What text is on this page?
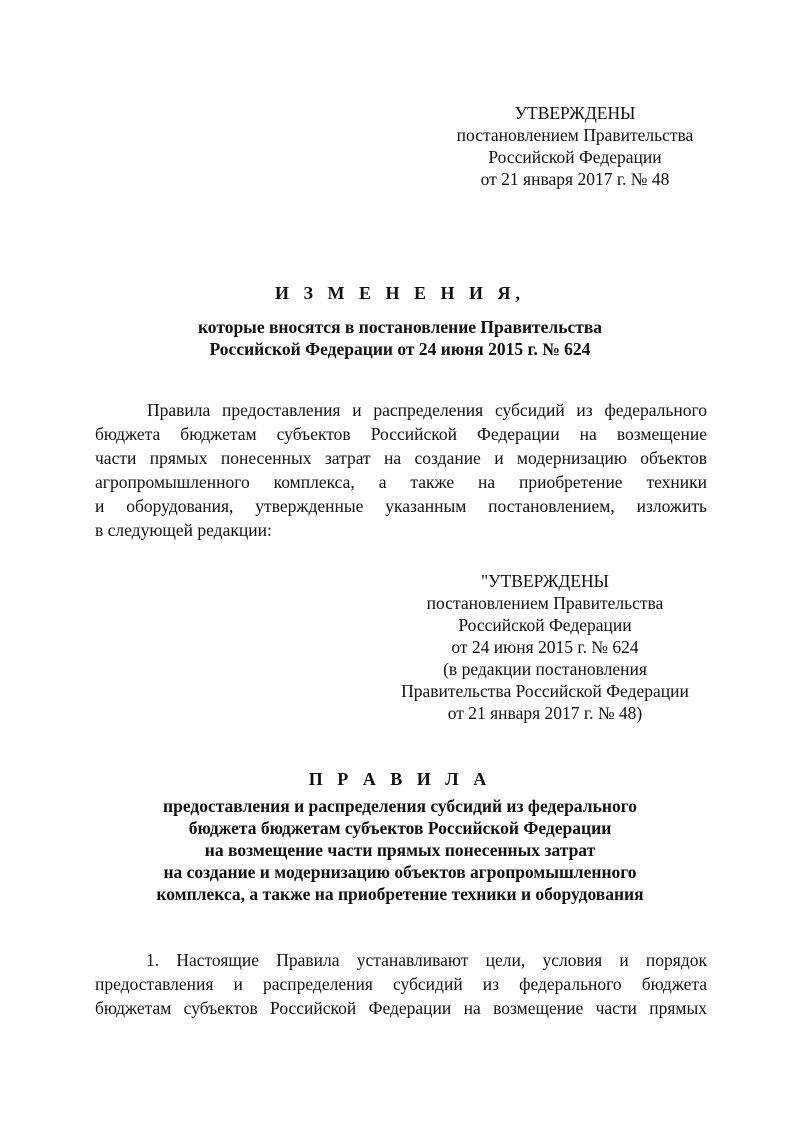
УТВЕРЖДЕНЫ
постановлением Правительства
Российской Федерации
от 21 января 2017 г. № 48
И З М Е Н Е Н И Я,
которые вносятся в постановление Правительства
Российской Федерации от 24 июня 2015 г. № 624
Правила предоставления и распределения субсидий из федерального
бюджета бюджетам субъектов Российской Федерации на возмещение
части прямых понесенных затрат на создание и модернизацию объектов
агропромышленного комплекса, а также на приобретение техники
и оборудования, утвержденные указанным постановлением, изложить
в следующей редакции:
"УТВЕРЖДЕНЫ
постановлением Правительства
Российской Федерации
от 24 июня 2015 г. № 624
(в редакции постановления
Правительства Российской Федерации
от 21 января 2017 г. № 48)
П Р А В И Л А
предоставления и распределения субсидий из федерального
бюджета бюджетам субъектов Российской Федерации
на возмещение части прямых понесенных затрат
на создание и модернизацию объектов агропромышленного
комплекса, а также на приобретение техники и оборудования
1. Настоящие Правила устанавливают цели, условия и порядок
предоставления и распределения субсидий из федерального бюджета
бюджетам субъектов Российской Федерации на возмещение части прямых
